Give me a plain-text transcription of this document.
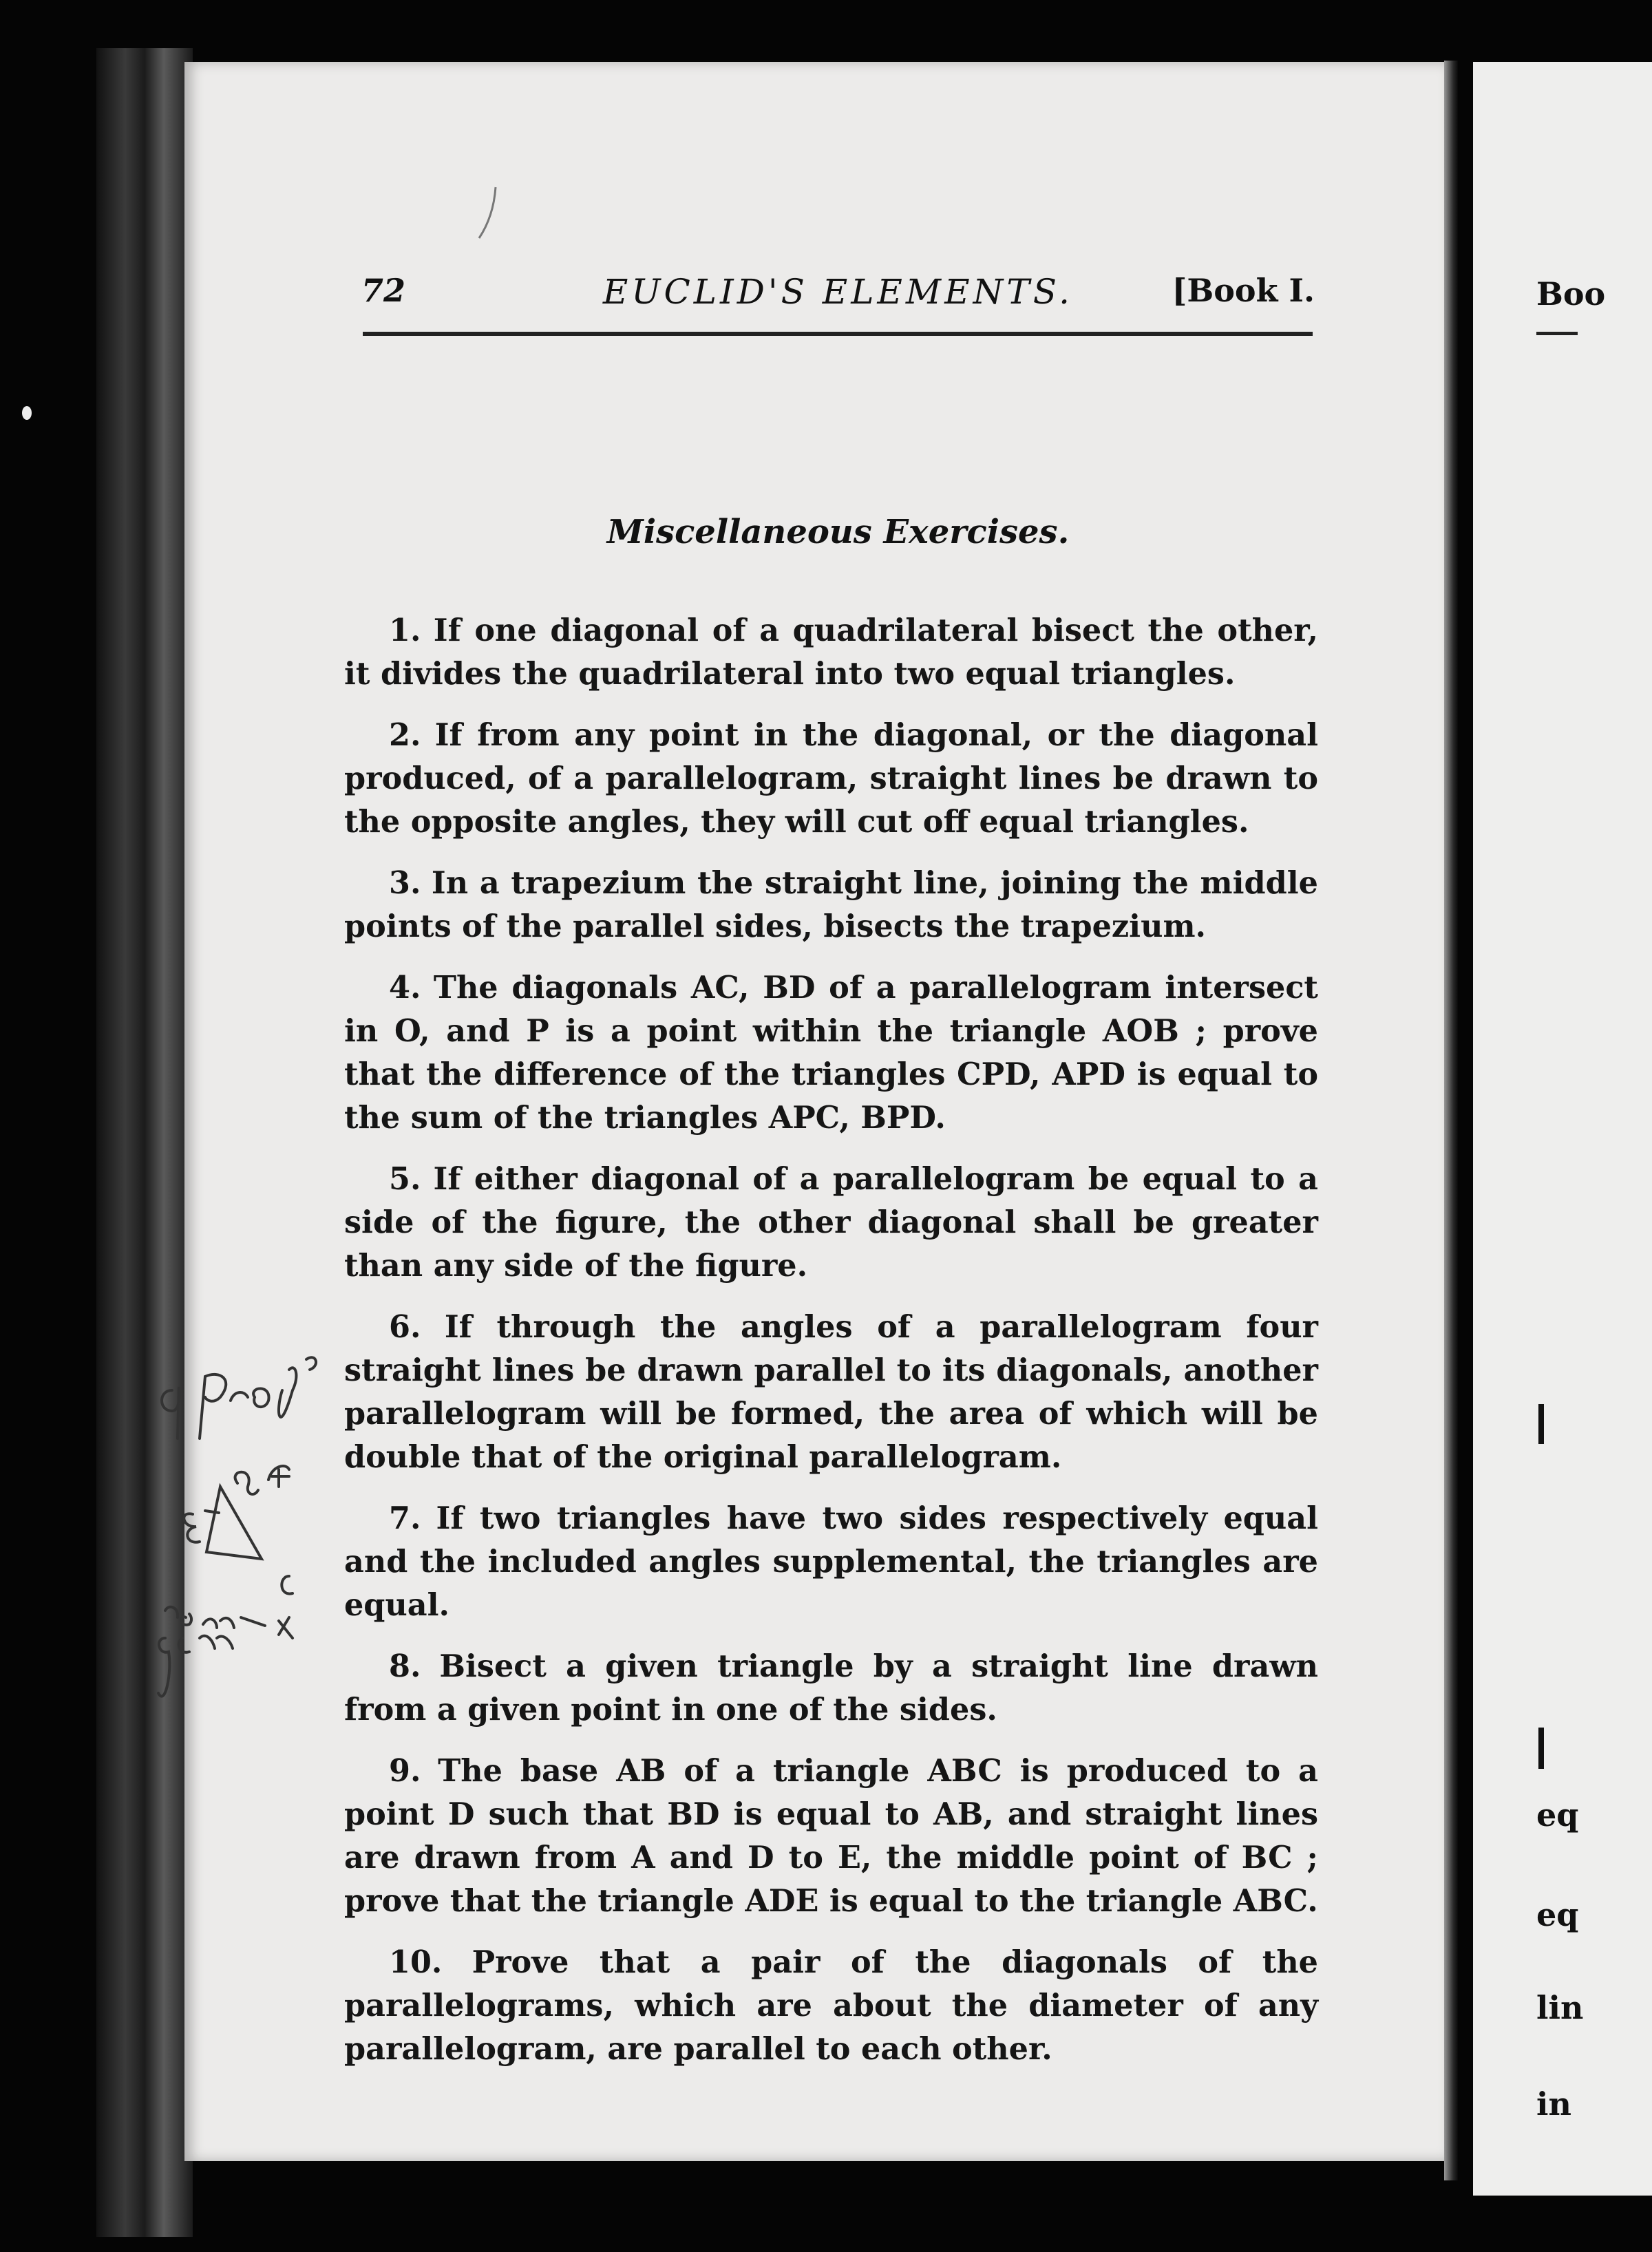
Boo
eq
eq
lin
in
72	EUCLID'S ELEMENTS.	[Book I.
Miscellaneous Exercises.

1. If one diagonal of a quadrilateral bisect the other, it divides the quadrilateral into two equal triangles.

2. If from any point in the diagonal, or the diagonal produced, of a parallelogram, straight lines be drawn to the opposite angles, they will cut off equal triangles.

3. In a trapezium the straight line, joining the middle points of the parallel sides, bisects the trapezium.

4. The diagonals AC, BD of a parallelogram intersect in O, and P is a point within the triangle AOB ; prove that the difference of the triangles CPD, APD is equal to the sum of the triangles APC, BPD.

5. If either diagonal of a parallelogram be equal to a side of the figure, the other diagonal shall be greater than any side of the figure.

6. If through the angles of a parallelogram four straight lines be drawn parallel to its diagonals, another parallelogram will be formed, the area of which will be double that of the original parallelogram.

7. If two triangles have two sides respectively equal and the included angles supplemental, the triangles are equal.

8. Bisect a given triangle by a straight line drawn from a given point in one of the sides.

9. The base AB of a triangle ABC is produced to a point D such that BD is equal to AB, and straight lines are drawn from A and D to E, the middle point of BC ; prove that the triangle ADE is equal to the triangle ABC.

10. Prove that a pair of the diagonals of the parallelograms, which are about the diameter of any parallelogram, are parallel to each other.
